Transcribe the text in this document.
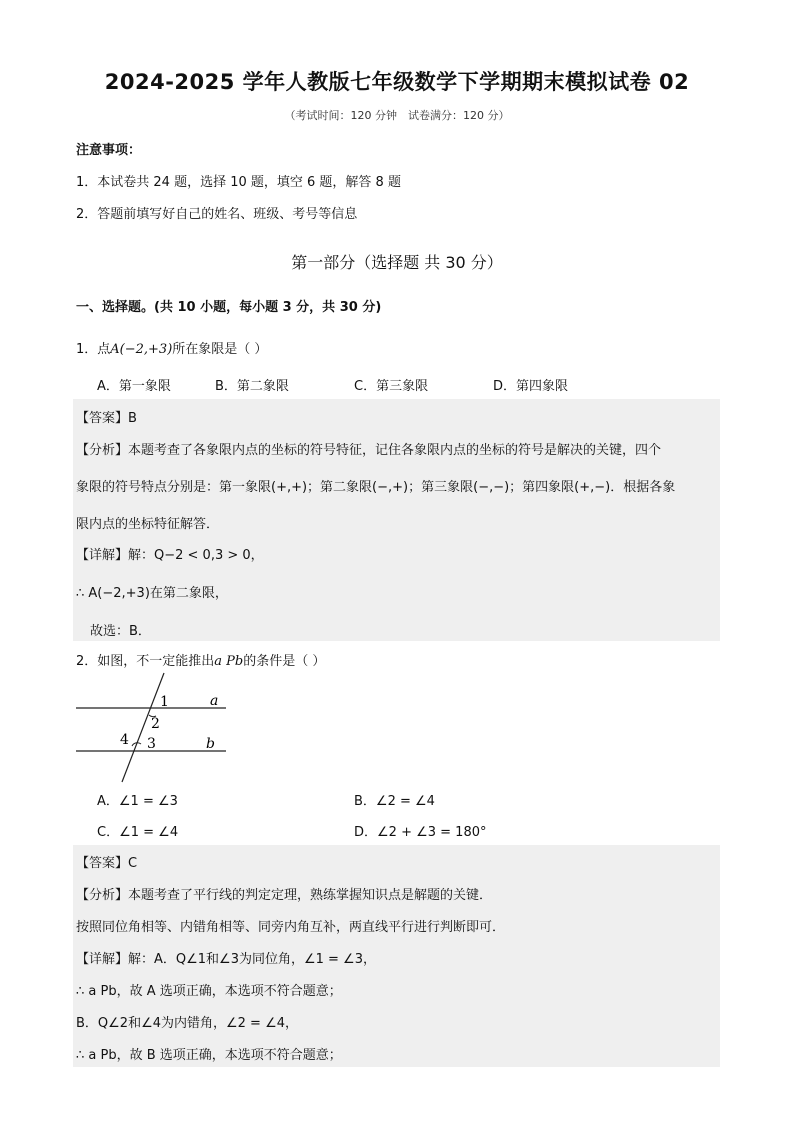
2024-2025 学年人教版七年级数学下学期期末模拟试卷 02
（考试时间：120 分钟　试卷满分：120 分）
注意事项：
1．本试卷共 24 题，选择 10 题，填空 6 题，解答 8 题
2．答题前填写好自己的姓名、班级、考号等信息
第一部分（选择题 共 30 分）
一、选择题。(共 10 小题，每小题 3 分，共 30 分)
1．点A(−2,+3)所在象限是（ ）
A．第一象限	B．第二象限	C．第三象限	D．第四象限
【答案】B
【分析】本题考查了各象限内点的坐标的符号特征，记住各象限内点的坐标的符号是解决的关键，四个
象限的符号特点分别是：第一象限(+,+)；第二象限(−,+)；第三象限(−,−)；第四象限(+,−)．根据各象
限内点的坐标特征解答．
【详解】解：Q−2 < 0,3 > 0，
∴ A(−2,+3)在第二象限，
故选：B．
2．如图，不一定能推出a Pb的条件是（ ）
1
2
3
4
a
b
A．∠1 = ∠3	B．∠2 = ∠4
C．∠1 = ∠4	D．∠2 + ∠3 = 180°
【答案】C
【分析】本题考查了平行线的判定定理，熟练掌握知识点是解题的关键．
按照同位角相等、内错角相等、同旁内角互补，两直线平行进行判断即可．
【详解】解：A．Q∠1和∠3为同位角，∠1 = ∠3，
∴ a Pb，故 A 选项正确，本选项不符合题意；
B．Q∠2和∠4为内错角，∠2 = ∠4，
∴ a Pb，故 B 选项正确，本选项不符合题意；
